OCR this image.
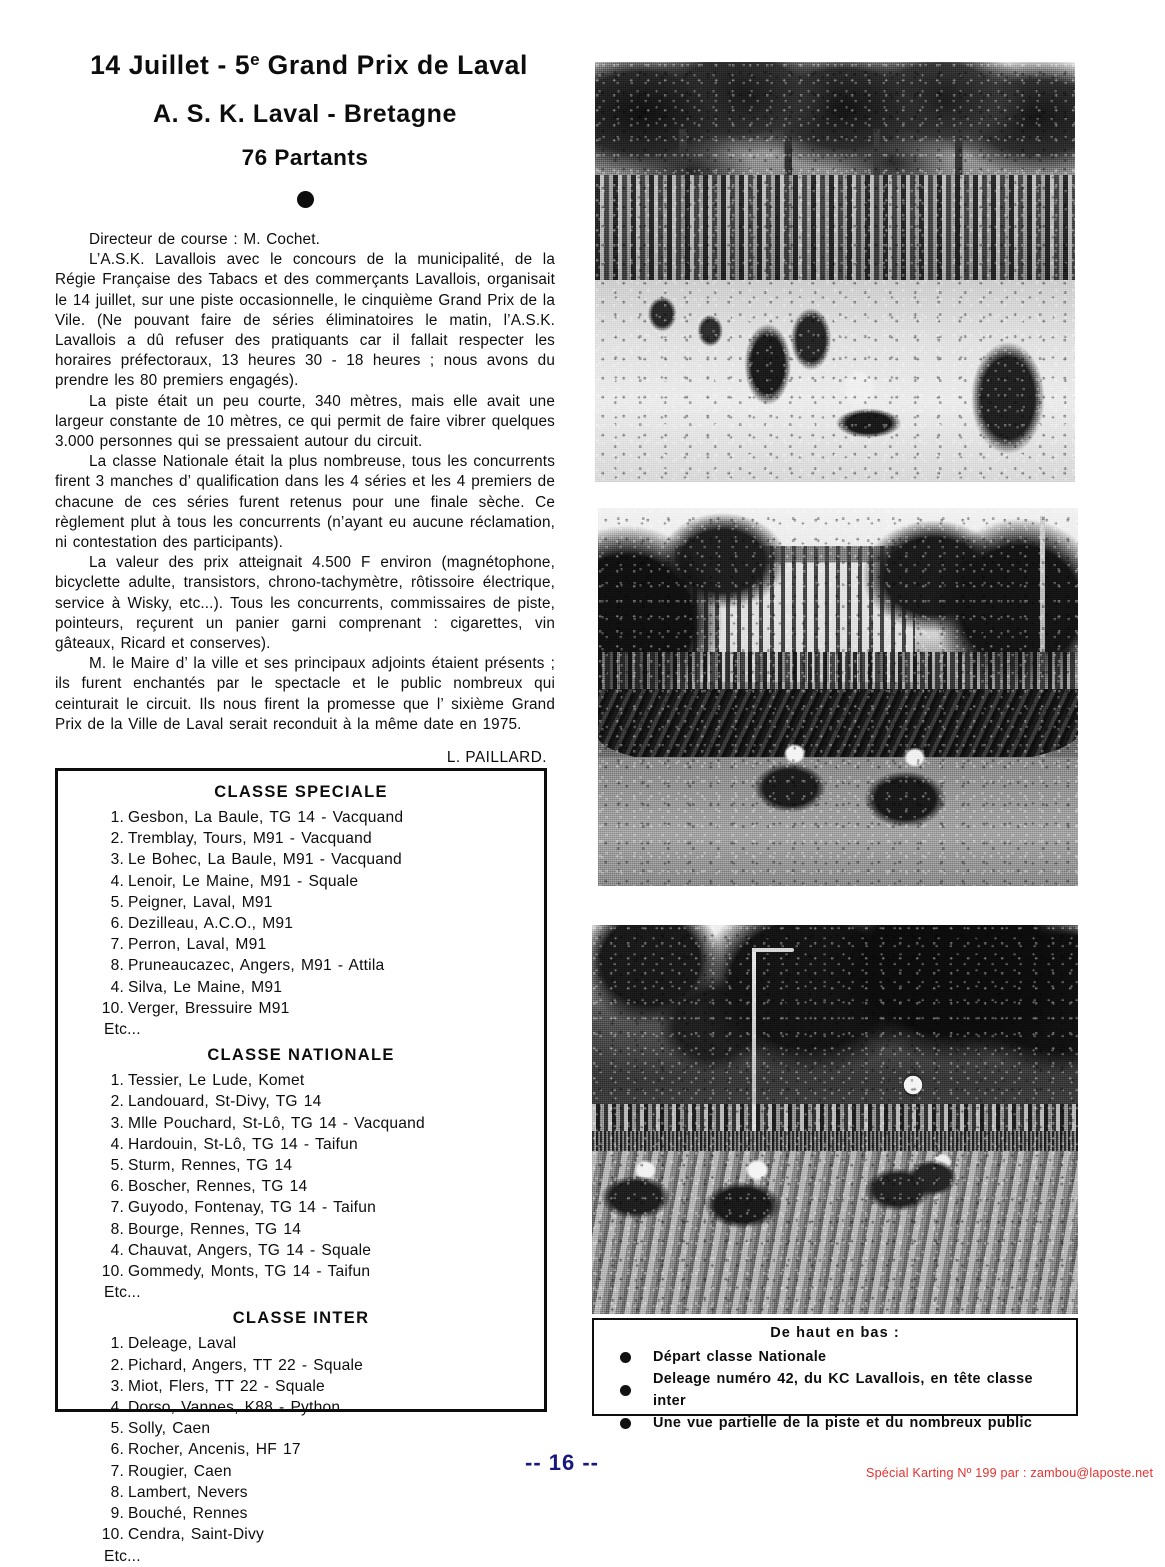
14 Juillet - 5e Grand Prix de Laval
A. S. K. Laval - Bretagne
76 Partants

Directeur de course : M. Cochet.

L’A.S.K. Lavallois avec le concours de la municipalité, de la Régie Française des Tabacs et des commerçants Lavallois, organisait le 14 juillet, sur une piste occasionnelle, le cinquième Grand Prix de la Vile. (Ne pouvant faire de séries éliminatoires le matin, l’A.S.K. Lavallois a dû refuser des pratiquants car il fallait respecter les horaires préfectoraux, 13 heures 30 - 18 heures ; nous avons du prendre les 80 premiers engagés).

La piste était un peu courte, 340 mètres, mais elle avait une largeur constante de 10 mètres, ce qui permit de faire vibrer quelques 3.000 personnes qui se pressaient autour du circuit.

La classe Nationale était la plus nombreuse, tous les concurrents firent 3 manches d’ qualification dans les 4 séries et les 4 premiers de chacune de ces séries furent retenus pour une finale sèche. Ce règlement plut à tous les concurrents (n’ayant eu aucune réclamation, ni contestation des participants).

La valeur des prix atteignait 4.500 F environ (magnétophone, bicyclette adulte, transistors, chrono-tachymètre, rôtissoire électrique, service à Wisky, etc...). Tous les concurrents, commissaires de piste, pointeurs, reçurent un panier garni comprenant : cigarettes, vin gâteaux, Ricard et conserves).

M. le Maire d’ la ville et ses principaux adjoints étaient présents ; ils furent enchantés par le spectacle et le public nombreux qui ceinturait le circuit. Ils nous firent la promesse que l’ sixième Grand Prix de la Ville de Laval serait reconduit à la même date en 1975.

L. PAILLARD.
CLASSE SPECIALE
1. Gesbon, La Baule, TG 14 - Vacquand
2. Tremblay, Tours, M91 - Vacquand
3. Le Bohec, La Baule, M91 - Vacquand
4. Lenoir, Le Maine, M91 - Squale
5. Peigner, Laval, M91
6. Dezilleau, A.C.O., M91
7. Perron, Laval, M91
8. Pruneaucazec, Angers, M91 - Attila
4. Silva, Le Maine, M91
10. Verger, Bressuire M91
Etc...
CLASSE NATIONALE
1. Tessier, Le Lude, Komet
2. Landouard, St-Divy, TG 14
3. Mlle Pouchard, St-Lô, TG 14 - Vacquand
4. Hardouin, St-Lô, TG 14 - Taifun
5. Sturm, Rennes, TG 14
6. Boscher, Rennes, TG 14
7. Guyodo, Fontenay, TG 14 - Taifun
8. Bourge, Rennes, TG 14
4. Chauvat, Angers, TG 14 - Squale
10. Gommedy, Monts, TG 14 - Taifun
Etc...
CLASSE INTER
1. Deleage, Laval
2. Pichard, Angers, TT 22 - Squale
3. Miot, Flers, TT 22 - Squale
4. Dorso, Vannes, K88 - Python
5. Solly, Caen
6. Rocher, Ancenis, HF 17
7. Rougier, Caen
8. Lambert, Nevers
9. Bouché, Rennes
10. Cendra, Saint-Divy
Etc...
De haut en bas :
Départ classe Nationale
Deleage numéro 42, du KC Lavallois, en tête classe inter
Une vue partielle de la piste et du nombreux public
-- 16 --	Spécial Karting Nº 199 par : zambou@laposte.net
